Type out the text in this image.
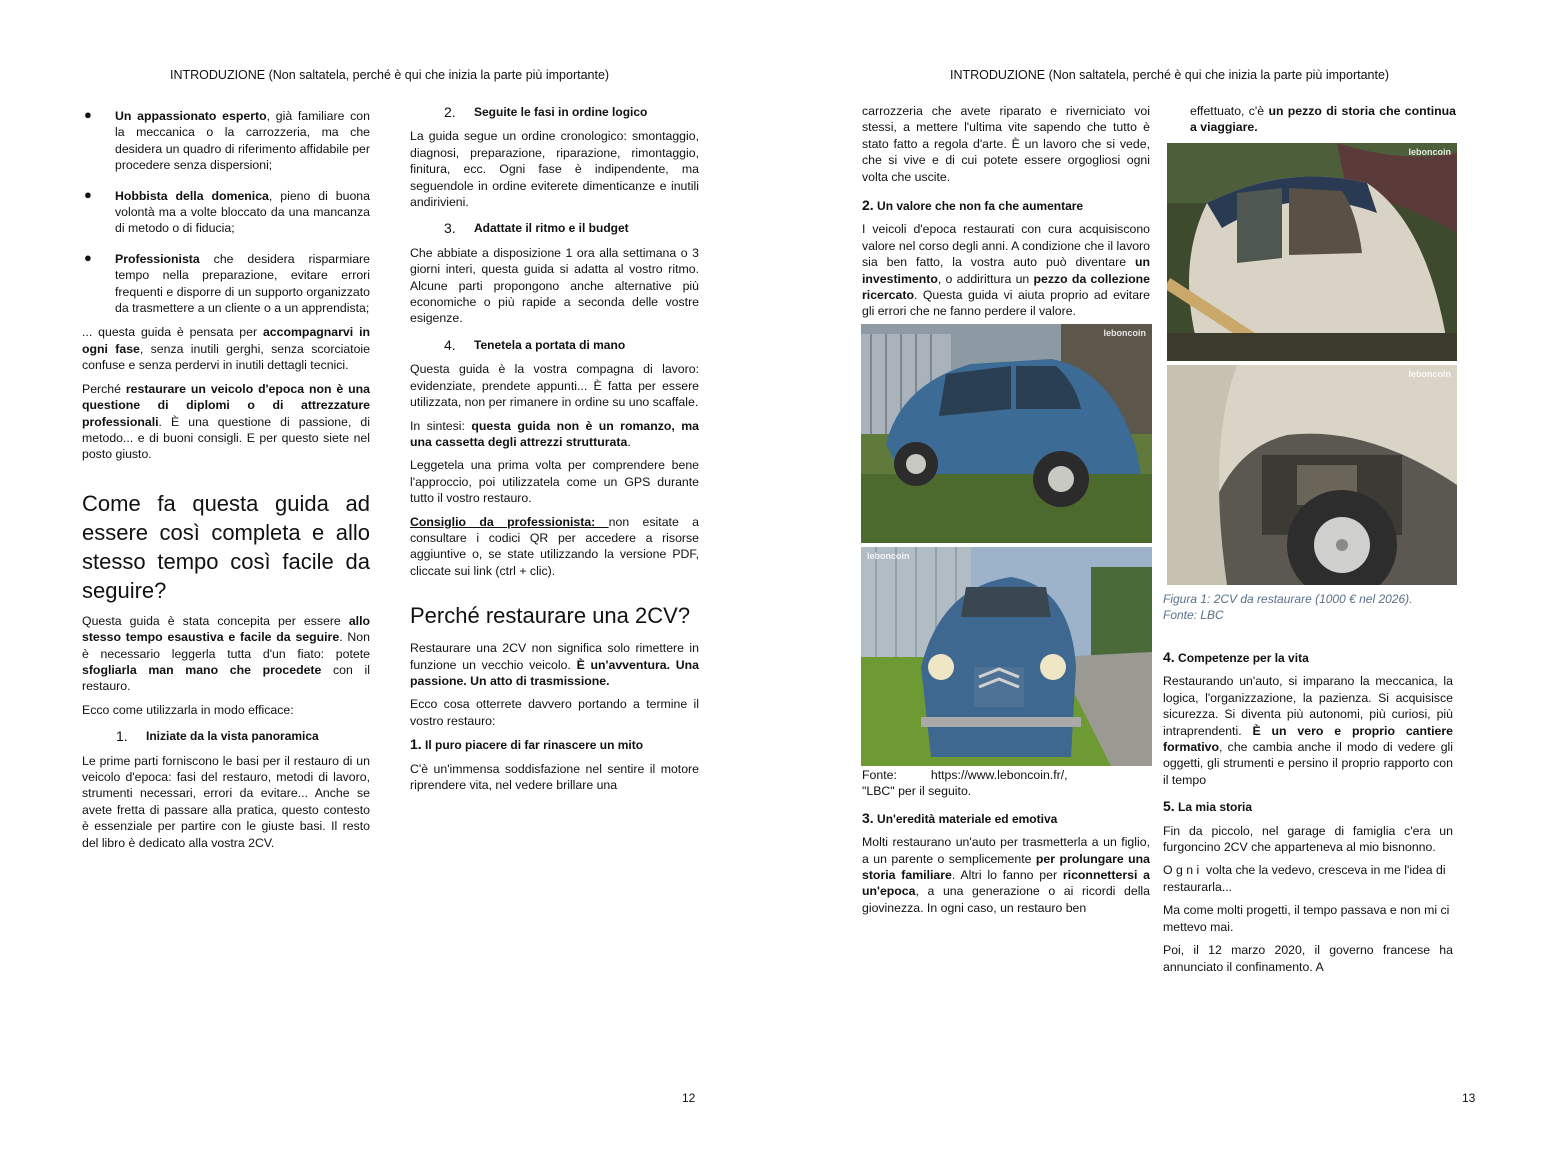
INTRODUZIONE (Non saltatela, perché è qui che inizia la parte più importante)	INTRODUZIONE (Non saltatela, perché è qui che inizia la parte più importante)
● Un appassionato esperto, già familiare con la meccanica o la carrozzeria, ma che desidera un quadro di riferimento affidabile per procedere senza dispersioni;
● Hobbista della domenica, pieno di buona volontà ma a volte bloccato da una mancanza di metodo o di fiducia;
● Professionista che desidera risparmiare tempo nella preparazione, evitare errori frequenti e disporre di un supporto organizzato da trasmettere a un cliente o a un apprendista;

... questa guida è pensata per accompagnarvi in ogni fase, senza inutili gerghi, senza scorciatoie confuse e senza perdervi in inutili dettagli tecnici.

Perché restaurare un veicolo d'epoca non è una questione di diplomi o di attrezzature professionali. È una questione di passione, di metodo... e di buoni consigli. E per questo siete nel posto giusto.

Come fa questa guida ad essere così completa e allo stesso tempo così facile da seguire?

Questa guida è stata concepita per essere allo stesso tempo esaustiva e facile da seguire. Non è necessario leggerla tutta d'un fiato: potete sfogliarla man mano che procedete con il restauro.

Ecco come utilizzarla in modo efficace:

1.	Iniziate da la vista panoramica

Le prime parti forniscono le basi per il restauro di un veicolo d'epoca: fasi del restauro, metodi di lavoro, strumenti necessari, errori da evitare... Anche se avete fretta di passare alla pratica, questo contesto è essenziale per partire con le giuste basi. Il resto del libro è dedicato alla vostra 2CV.

2.	Seguite le fasi in ordine logico

La guida segue un ordine cronologico: smontaggio, diagnosi, preparazione, riparazione, rimontaggio, finitura, ecc. Ogni fase è indipendente, ma seguendole in ordine eviterete dimenticanze e inutili andirivieni.

3.	Adattate il ritmo e il budget

Che abbiate a disposizione 1 ora alla settimana o 3 giorni interi, questa guida si adatta al vostro ritmo. Alcune parti propongono anche alternative più economiche o più rapide a seconda delle vostre esigenze.

4.	Tenetela a portata di mano

Questa guida è la vostra compagna di lavoro: evidenziate, prendete appunti... È fatta per essere utilizzata, non per rimanere in ordine su uno scaffale.

In sintesi: questa guida non è un romanzo, ma una cassetta degli attrezzi strutturata.

Leggetela una prima volta per comprendere bene l'approccio, poi utilizzatela come un GPS durante tutto il vostro restauro.

Consiglio da professionista: non esitate a consultare i codici QR per accedere a risorse aggiuntive o, se state utilizzando la versione PDF, cliccate sui link (ctrl + clic).

Perché restaurare una 2CV?

Restaurare una 2CV non significa solo rimettere in funzione un vecchio veicolo. È un'avventura. Una passione. Un atto di trasmissione.

Ecco cosa otterrete davvero portando a termine il vostro restauro:

1. Il puro piacere di far rinascere un mito

C'è un'immensa soddisfazione nel sentire il motore riprendere vita, nel vedere brillare una

carrozzeria che avete riparato e riverniciato voi stessi, a mettere l'ultima vite sapendo che tutto è stato fatto a regola d'arte. È un lavoro che si vede, che si vive e di cui potete essere orgogliosi ogni volta che uscite.

2. Un valore che non fa che aumentare

I veicoli d'epoca restaurati con cura acquisiscono valore nel corso degli anni. A condizione che il lavoro sia ben fatto, la vostra auto può diventare un investimento, o addirittura un pezzo da collezione ricercato. Questa guida vi aiuta proprio ad evitare gli errori che ne fanno perdere il valore.

leboncoin
leboncoin

Fonte:	https://www.leboncoin.fr/,

"LBC" per il seguito.

3. Un'eredità materiale ed emotiva

Molti restaurano un'auto per trasmetterla a un figlio, a un parente o semplicemente per prolungare una storia familiare. Altri lo fanno per riconnettersi a un'epoca, a una generazione o ai ricordi della giovinezza. In ogni caso, un restauro ben

effettuato, c'è un pezzo di storia che continua a viaggiare.

leboncoin
leboncoin
Figura 1: 2CV da restaurare (1000 € nel 2026).
Fonte: LBC
4. Competenze per la vita

Restaurando un'auto, si imparano la meccanica, la logica, l'organizzazione, la pazienza. Si acquisisce sicurezza. Si diventa più autonomi, più curiosi, più intraprendenti. È un vero e proprio cantiere formativo, che cambia anche il modo di vedere gli oggetti, gli strumenti e persino il proprio rapporto con il tempo

5. La mia storia

Fin da piccolo, nel garage di famiglia c'era un furgoncino 2CV che apparteneva al mio bisnonno.

O g n i  volta che la vedevo, cresceva in me l'idea di restaurarla...

Ma come molti progetti, il tempo passava e non mi ci mettevo mai.

Poi, il 12 marzo 2020, il governo francese ha annunciato il confinamento. A

12	13
